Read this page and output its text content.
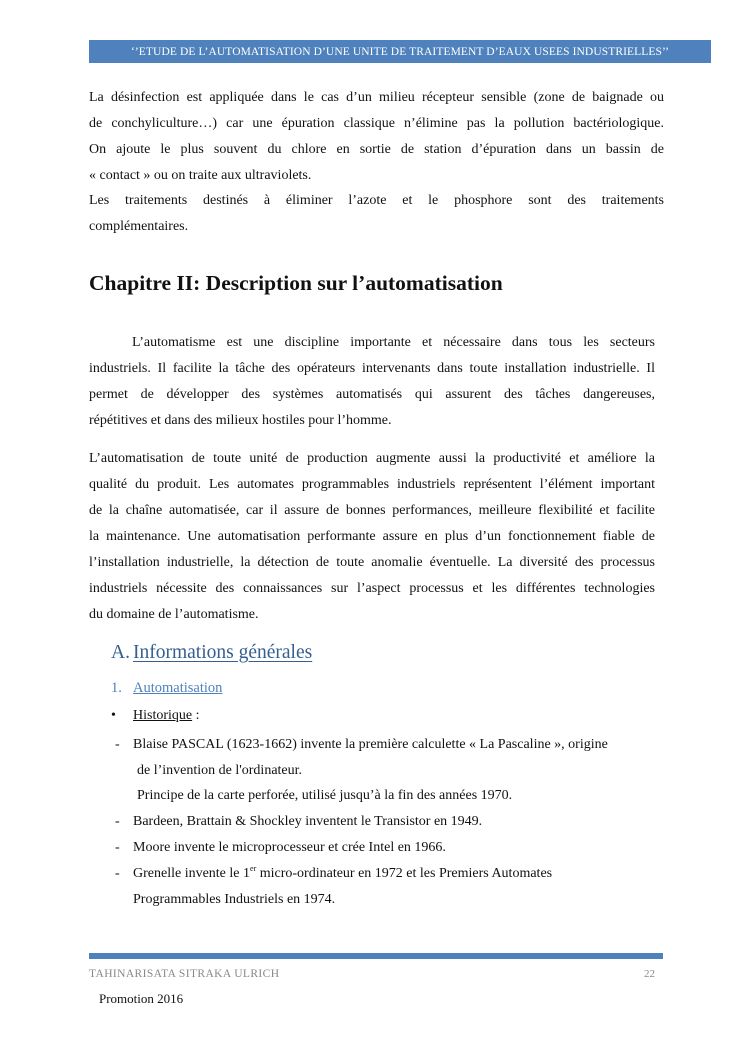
‘’ETUDE DE L’AUTOMATISATION D’UNE UNITE DE TRAITEMENT D’EAUX USEES INDUSTRIELLES’’
La désinfection est appliquée dans le cas d’un milieu récepteur sensible (zone de baignade ou
de conchyliculture…) car une épuration classique n’élimine pas la pollution bactériologique.
On ajoute le plus souvent du chlore en sortie de station d’épuration dans un bassin de
« contact » ou on traite aux ultraviolets.
Les traitements destinés à éliminer l’azote et le phosphore sont des traitements
complémentaires.
Chapitre II: Description sur l’automatisation
L’automatisme est une discipline importante et nécessaire dans tous les secteurs
industriels. Il facilite la tâche des opérateurs intervenants dans toute installation industrielle. Il
permet de développer des systèmes automatisés qui assurent des tâches dangereuses,
répétitives et dans des milieux hostiles pour l’homme.
L’automatisation de toute unité de production augmente aussi la productivité et améliore la
qualité du produit. Les automates programmables industriels représentent l’élément important
de la chaîne automatisée, car il assure de bonnes performances, meilleure flexibilité et facilite
la maintenance. Une automatisation performante assure en plus d’un fonctionnement fiable de
l’installation industrielle, la détection de toute anomalie éventuelle. La diversité des processus
industriels nécessite des connaissances sur l’aspect processus et les différentes technologies
du domaine de l’automatisme.
A. Informations générales
1. Automatisation
• Historique :
- Blaise PASCAL (1623-1662) invente la première calculette « La Pascaline », origine
de l’invention de l'ordinateur.
Principe de la carte perforée, utilisé jusqu’à la fin des années 1970.
- Bardeen, Brattain & Shockley inventent le Transistor en 1949.
- Moore invente le microprocesseur et crée Intel en 1966.
- Grenelle invente le 1er micro-ordinateur en 1972 et les Premiers Automates
Programmables Industriels en 1974.
TAHINARISATA SITRAKA ULRICH	22
Promotion 2016
